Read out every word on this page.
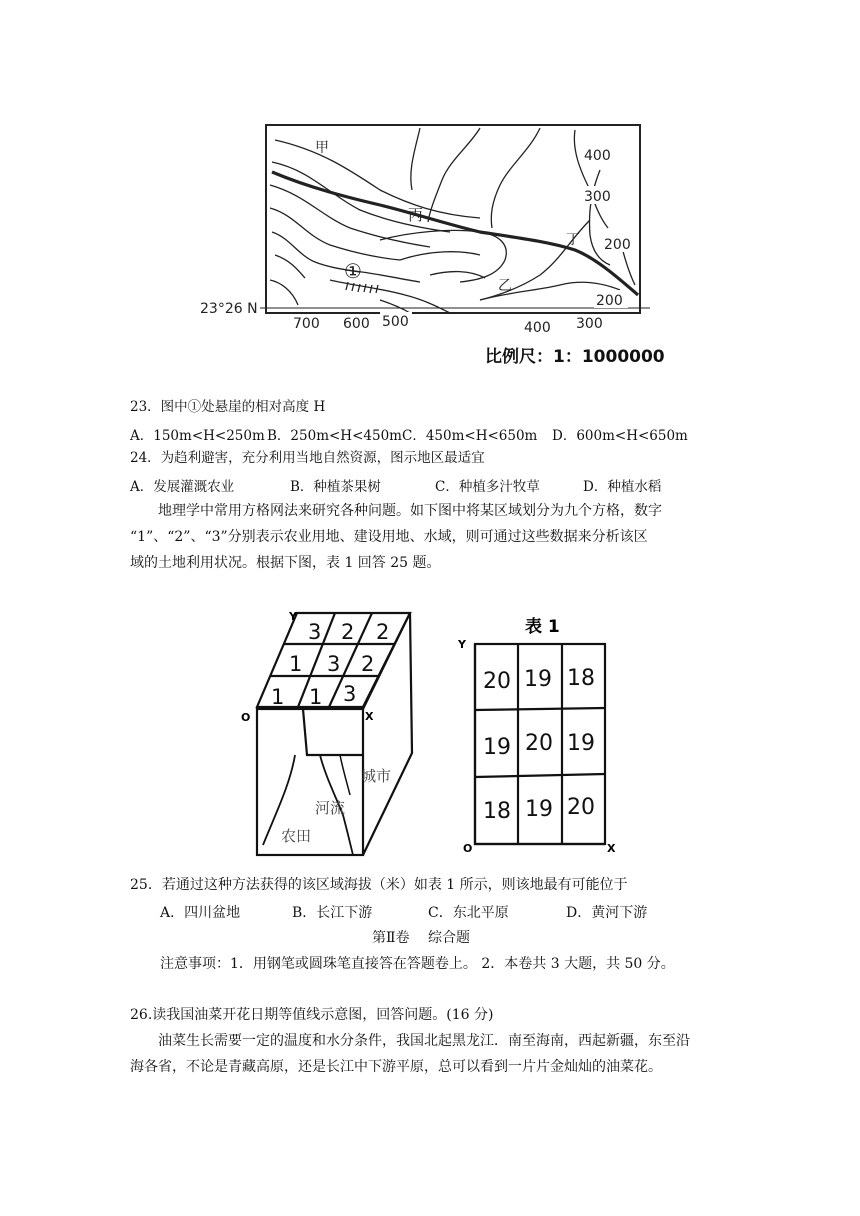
甲
丙
丁
乙
①
400
300
200
200
700 600 500	400 300
23°26 N
比例尺：1：1000000
23．图中①处悬崖的相对高度 H
A．150m<H<250m B．250m<H<450m C．450m<H<650m D．600m<H<650m
24．为趋利避害，充分利用当地自然资源，图示地区最适宜
A．发展灌溉农业	B．种植茶果树	C．种植多汁牧草	D．种植水稻
地理学中常用方格网法来研究各种问题。如下图中将某区域划分为九个方格，数字
“1”、“2”、“3”分别表示农业用地、建设用地、水域，则可通过这些数据来分析该区
域的土地利用状况。根据下图，表 1 回答 25 题。
3 2 2
1 3 2
1 1 3
Y
O	X
城市
河流
农田
表 1
20 19 18
19 20 19
18 19 20
Y
O	X
25．若通过这种方法获得的该区域海拔（米）如表 1 所示，则该地最有可能位于
A．四川盆地	B．长江下游	C．东北平原	D．黄河下游
第Ⅱ卷　 综合题
注意事项：1．用钢笔或圆珠笔直接答在答题卷上。 2．本卷共 3 大题，共 50 分。
26.读我国油菜开花日期等值线示意图，回答问题。(16 分)
油菜生长需要一定的温度和水分条件，我国北起黑龙江．南至海南，西起新疆，东至沿
海各省，不论是青藏高原，还是长江中下游平原，总可以看到一片片金灿灿的油菜花。
